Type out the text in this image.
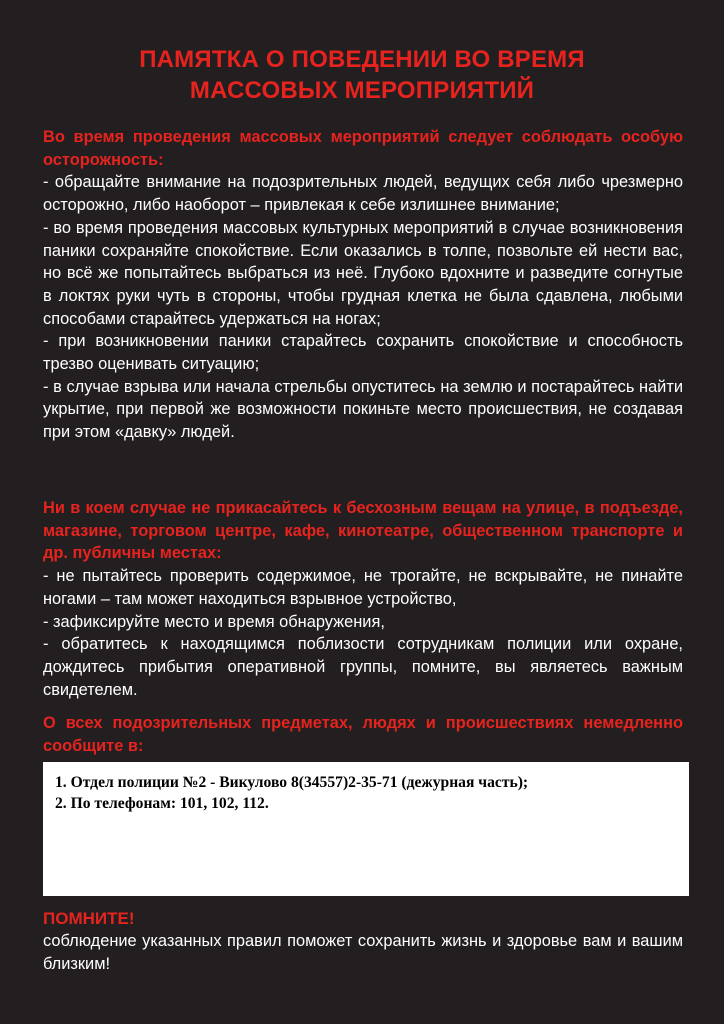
ПАМЯТКА О ПОВЕДЕНИИ ВО ВРЕМЯ
МАССОВЫХ МЕРОПРИЯТИЙ
Во время проведения массовых мероприятий следует соблюдать особую осторожность:
- обращайте внимание на подозрительных людей, ведущих себя либо чрезмерно осторожно, либо наоборот – привлекая к себе излишнее внимание;
- во время проведения массовых культурных мероприятий в случае возникновения паники сохраняйте спокойствие. Если оказались в толпе, позвольте ей нести вас, но всё же попытайтесь выбраться из неё. Глубоко вдохните и разведите согнутые в локтях руки чуть в стороны, чтобы грудная клетка не была сдавлена, любыми способами старайтесь удержаться на ногах;
- при возникновении паники старайтесь сохранить спокойствие и способность трезво оценивать ситуацию;
- в случае взрыва или начала стрельбы опуститесь на землю и постарайтесь найти укрытие, при первой же возможности покиньте место происшествия, не создавая при этом «давку» людей.
Ни в коем случае не прикасайтесь к бесхозным вещам на улице, в подъезде, магазине, торговом центре, кафе, кинотеатре, общественном транспорте и др. публичны местах:
- не пытайтесь проверить содержимое, не трогайте, не вскрывайте, не пинайте ногами – там может находиться взрывное устройство,
- зафиксируйте место и время обнаружения,
- обратитесь к находящимся поблизости сотрудникам полиции или охране, дождитесь прибытия оперативной группы, помните, вы являетесь важным свидетелем.
О всех подозрительных предметах, людях и происшествиях немедленно сообщите в:
1. Отдел полиции №2 - Викулово 8(34557)2-35-71 (дежурная часть);
2. По телефонам: 101, 102, 112.
ПОМНИТЕ!
соблюдение указанных правил поможет сохранить жизнь и здоровье вам и вашим близким!
